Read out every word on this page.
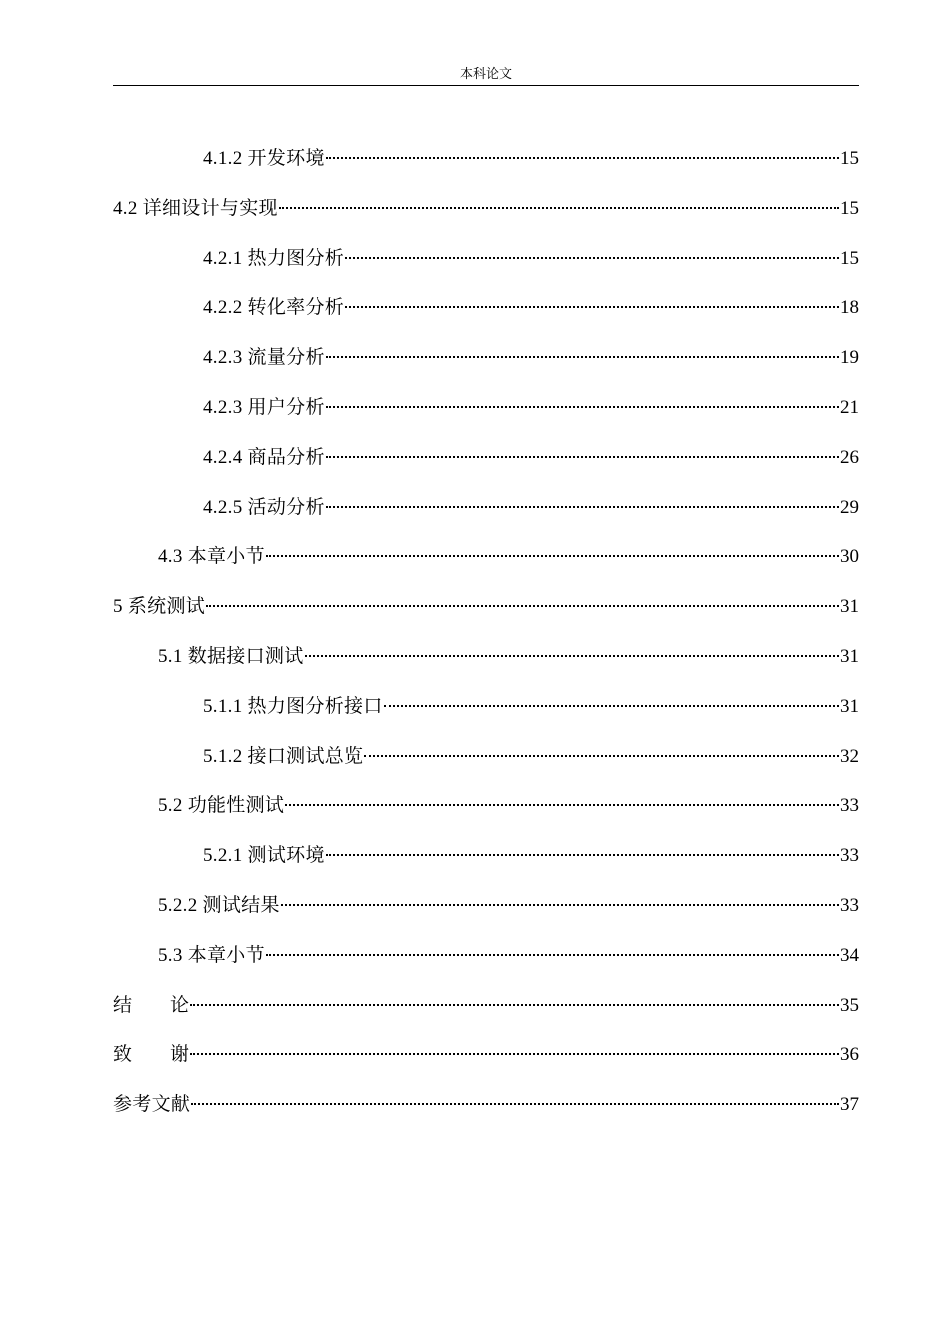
本科论文
4.1.2 开发环境	15
4.2 详细设计与实现	15
4.2.1 热力图分析	15
4.2.2 转化率分析	18
4.2.3 流量分析	19
4.2.3 用户分析	21
4.2.4 商品分析	26
4.2.5 活动分析	29
4.3 本章小节	30
5 系统测试	31
5.1 数据接口测试	31
5.1.1 热力图分析接口	31
5.1.2 接口测试总览	32
5.2 功能性测试	33
5.2.1 测试环境	33
5.2.2 测试结果	33
5.3 本章小节	34
结　　论	35
致　　谢	36
参考文献	37
